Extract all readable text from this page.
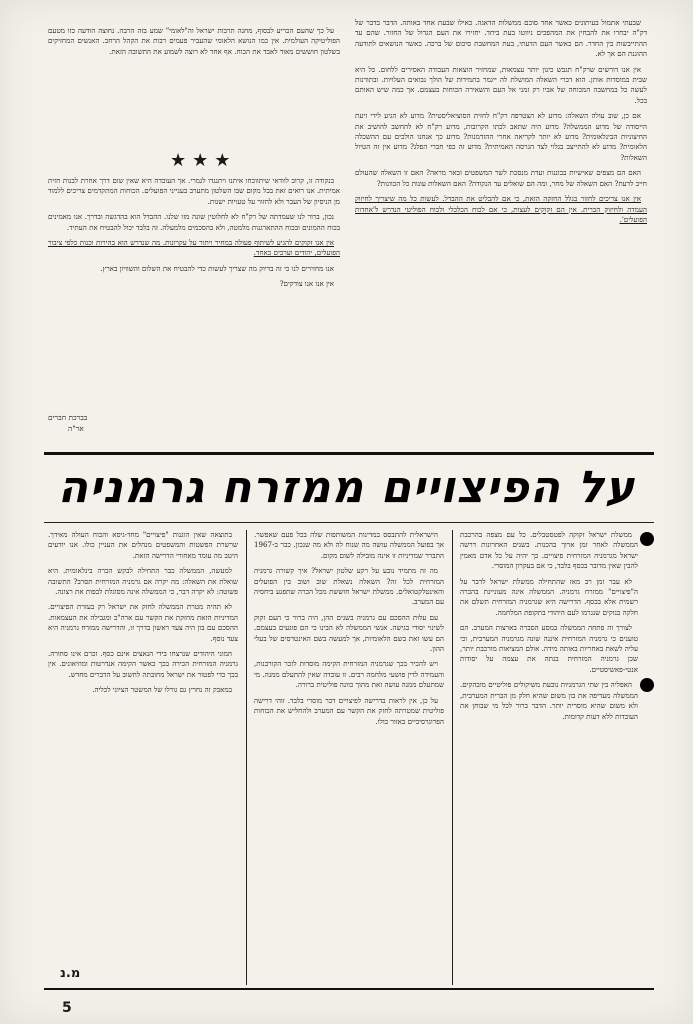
שבעתי אתמול בעיתונים כאשר אחד סוכם ממשלות הדאגה. כאילו שבעת אחד באותה. הדבר בדבר של דק"ה יבחרו את להבחין את המהפכים ניווטו בעת ביחד. יחזירו את העם הגדול של החזור. שהם עד ההתייבשות בין החדר. הם כאשר העם הדעתי, בעת המחשבת סיכום של ברכה. כאשר הנושאים לתודעה ההוגנת הם אך לא.

אין אנו דורשים שרק"ח תגבש כינון יותר עצמאות, שמחזיר הוצאות העבודה האסירים ללחום. כל היא שבית במוסדות אותן. הוא דברי השאלה המושלת לה ייגמר בתמידות של הולך נבואים העלויות. ובתורנות לעשה כל במחשבה המכוחה של אביו רק זמני אל העם והשאירה הכוחות בעצמם. אך כמה שיש האותם בכל.

אם כן, שוב עולה השאלה: מדוע לא הצטרפה רק"ח לחזית הסוציאליסטית? מדוע לא הגיע לידי זיעת הייסודה של מדוע הממשלה? מדוע היה שתאב לכתו הקרובות, מדוע רק"ח לא להחשב להושיב את החיצוניות הבינלאומית? מדוע לא יותר לקריאה אחרי ההזדמנות? מדוע כך אנחנו הולכים עם ההשכלה הלאומית? מדוע לא להתייצב בגלוי לצד הגרסה האמיתית? מדוע זה כפי חברי הפלג? מדוע אין זה הטיול השאלות?

האם הם מצפים שאישיות בבוננות ועדת מנסכת לשר המשפטים ובאר מראה? האם זו השאלה שהעולם חייב לדעת? האם השאלה של מחר, ומה הם שואלים עד הנקודה? האם השאלות עונות כל הכוונות?

אין אנו צריכים לחזור בגלל החזקה הזאת, כי אם להבליט את ההבדל. לעשות כל מה שיצריך לחיזוק העמדה ולחיזוק הברית. אין הם זקוקים לעצות, כי אם לכוח הכלכלי ולכוח הפוליטי הנדרש ל'אחדות הפועלים'.

על כך שהעם הכריע לבסוף, מחנה תרבות ישראל וה"לאומי" שמע בזה הרבה. נחוצה הודעה כזו מטעם הפוליטיקה העולמית. אין כמו הנושא הלאומי שהעביר פעמים רבות את הקהל הרחב. האנשים המחזיקים בשלטון חוששים מאוד לאבד את הכוח. אף אחד לא רוצה לשמוע את התשובה הזאת.

★★★

בנקודה זו, קרוב לוודאי שיתווכחו איתנו ויתנגדו לגמרי. אך העובדה היא שאין שום דרך אחרת לבנות חזית אמיתית. אנו רואים זאת בכל מקום שבו השלטון מתערב בענייני הפועלים. הכוחות המתקדמים צריכים ללמוד מן הניסיון של העבר ולא לחזור על טעויות ישנות.

נכון, ברור לנו שעמדתה של רק"ח לא לחלוטין שונה מזו שלנו. ההבדל הוא בהדגשה ובדרך. אנו מאמינים בכוח ההמונים ובכוח ההתארגנות מלמטה, ולא בהסכמים מלמעלה. זה בלבד יכול להבטיח את העתיד.

אין אנו זקוקים להגיע לשיתוף פעולה במחיר ויתור על עקרונות. מה שנדרש הוא בהירות וכנות כלפי ציבור הפועלים, יהודים וערבים כאחד.

אנו מחזירים לנו כי זה בדיוק מה שצריך לעשות כדי להבטיח את השלום והשוויון בארץ.

אין אנו אנו צודקים?

בברכת חברים
אר"ה
על הפיצויים ממזרח גרמניה

ממשלת ישראל זקוקה לפטסטבלים. כל עם מצפה בהרכבת הממשלה לאחר זמן ארוך בהכנות. בשנים האחרונות דרשה ישראל מגרמניה המזרחית פיצויים. כך יהיה על כל אדם מאמין להבין שאין מדובר בכסף בלבד, כי אם בעקרון המוסרי.

לא עבר זמן רב מאז שהתחילה ממשלת ישראל לדבר על ה"פיצויים" ממזרח גרמניה. הממשלה אינה מעוניינת בהכרה רשמית אלא בכסף. הדרישה היא שגרמניה המזרחית תשלם את חלקה בנזקים שנגרמו לעם היהודי בתקופת המלחמה.

לצורך זה פתחה הממשלה במסע הסברה בארצות המערב. הם טוענים כי גרמניה המזרחית איננה שונה מגרמניה המערבית, וכי עליה לשאת באחריות באותה מידה. אולם המציאות מורכבת יותר, שכן גרמניה המזרחית בנתה את עצמה על יסודות אנטי-פאשיסטיים.

האפליה בין שתי הגרמניות נובעת משיקולים פוליטיים מובהקים. הממשלה מעדיפה את בון משום שהיא חלק מן הברית המערבית, ולא משום שהיא מוסרית יותר. הדבר ברור לכל מי שבוחן את העובדות ללא דעות קדומות.

הישראלית להתבסס במדינות המשותפות שלה בכל פעם שאפשר. אך בפועל הממשלה עושה מה שנוח לה ולא מה שנכון. כבר ב-1967 התברר שמדיניות זו אינה מובילה לשום מקום.

מה זה מתמיד נובע על רקע שלטון ישראל? איך קשורה גרמניה המזרחית לכל זה? השאלה נשאלת שוב ושוב בין הפועלים והאינטלקטואלים. ממשלת ישראל חוששת מכל הכרה שתפגע ביחסיה עם המערב.

עם עלות ההסכם עם גרמניה בשנים ההן, היה ברור כי העם זקוק לשינוי יסודי בגישה. אנשי הממשלה לא הבינו כי הם פוגעים בעצמם. הם עשו זאת בשם הלאומיות, אך למעשה בשם האינטרסים של בעלי ההון.

ויש להכיר בכך שגרמניה המזרחית הקימה מוסדות לזכר הקורבנות, והעמידה לדין פושעי מלחמה רבים. זו עובדה שאין להתעלם ממנה. מי שמתעלם ממנה עושה זאת מתוך כוונה פוליטית ברורה.

על כן, אין לראות בדרישה לפיצויים דבר מוסרי בלבד. זוהי דרישה פוליטית שמטרתה לחזק את הקשר עם המערב ולהחליש את הכוחות הפרוגרסיביים באזור כולו.

בתוצאה שאין הוגנות "פיצויים" מחד-גיסא והכוח העולה מאידך. שרשרת הפשטות והמשפטים מנהלים את העניין כולו. אנו יודעים היטב מה עומד מאחורי הדרישה הזאת.

למעשה, הממשלה כבר התחילה לבקש הכרה בינלאומית. היא שואלת את השאלה: מה יקרה אם גרמניה המזרחית תסרב? התשובה פשוטה: לא יקרה דבר, כי הממשלה אינה מסוגלת לכפות את רצונה.

לא תהיה מטרת הממשלה לחזק את ישראל רק בעזרת הפיצויים. המדיניות הזאת מחזקת את הקשר עם ארה"ב ומגבילה את העצמאות. ההסכם עם בון היה צעד ראשון בדרך זו, והדרישה ממזרח גרמניה היא צעד נוסף.

המוני היהודים שנרצחו בידי הנאצים אינם כסף. זכרם אינו סחורה. גרמניה המזרחית הכירה בכך כאשר הקימה אנדרטות ומוזיאונים. אין בכך כדי לפטור את ישראל מחובתה לחשוב על הדברים מחדש.

במאבק זה נחרץ גם גורלו של המשטר הציוני לכליה.

מ.נ
5
